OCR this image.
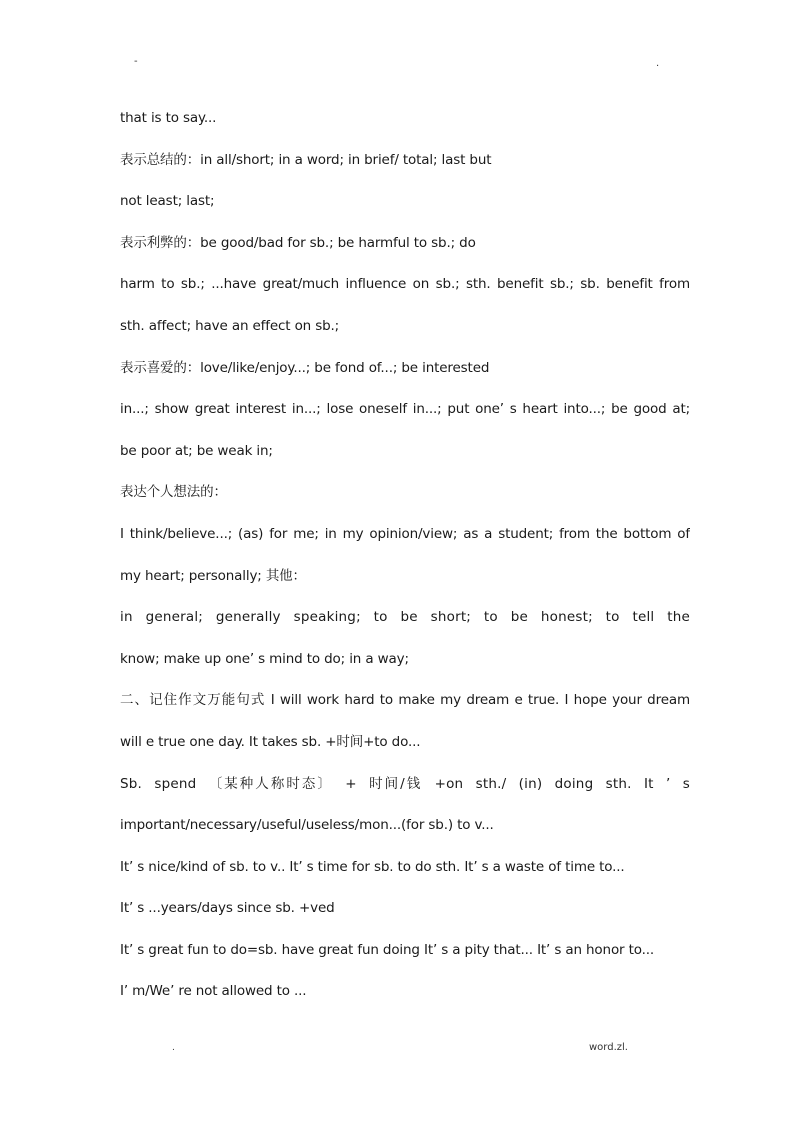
-	.
that is to say...
表示总结的：in all/short; in a word; in brief/ total; last but
not least; last;
表示利弊的：be good/bad for sb.; be harmful to sb.; do
harm to sb.; ...have great/much influence on sb.; sth. benefit sb.; sb. benefit from
sth. affect; have an effect on sb.;
表示喜爱的：love/like/enjoy...; be fond of...; be interested
in...; show great interest in...; lose oneself in...; put one’ s heart into...; be good at;
be poor at; be weak in;
表达个人想法的：
I think/believe...; (as) for me; in my opinion/view; as a student; from the bottom of
my heart; personally; 其他：
in general; generally speaking; to be short; to be honest; to tell the
know; make up one’ s mind to do; in a way;
二、记住作文万能句式 I will work hard to make my dream e true. I hope your dream
will e true one day. It takes sb. +时间+to do...
Sb. spend 〔某种人称时态〕 + 时间/钱 +on sth./ (in) doing sth. It ’ s
important/necessary/useful/useless/mon...(for sb.) to v...
It’ s nice/kind of sb. to v.. It’ s time for sb. to do sth. It’ s a waste of time to...
It’ s ...years/days since sb. +ved
It’ s great fun to do=sb. have great fun doing It’ s a pity that... It’ s an honor to...
I’ m/We’ re not allowed to ...
.	word.zl.
